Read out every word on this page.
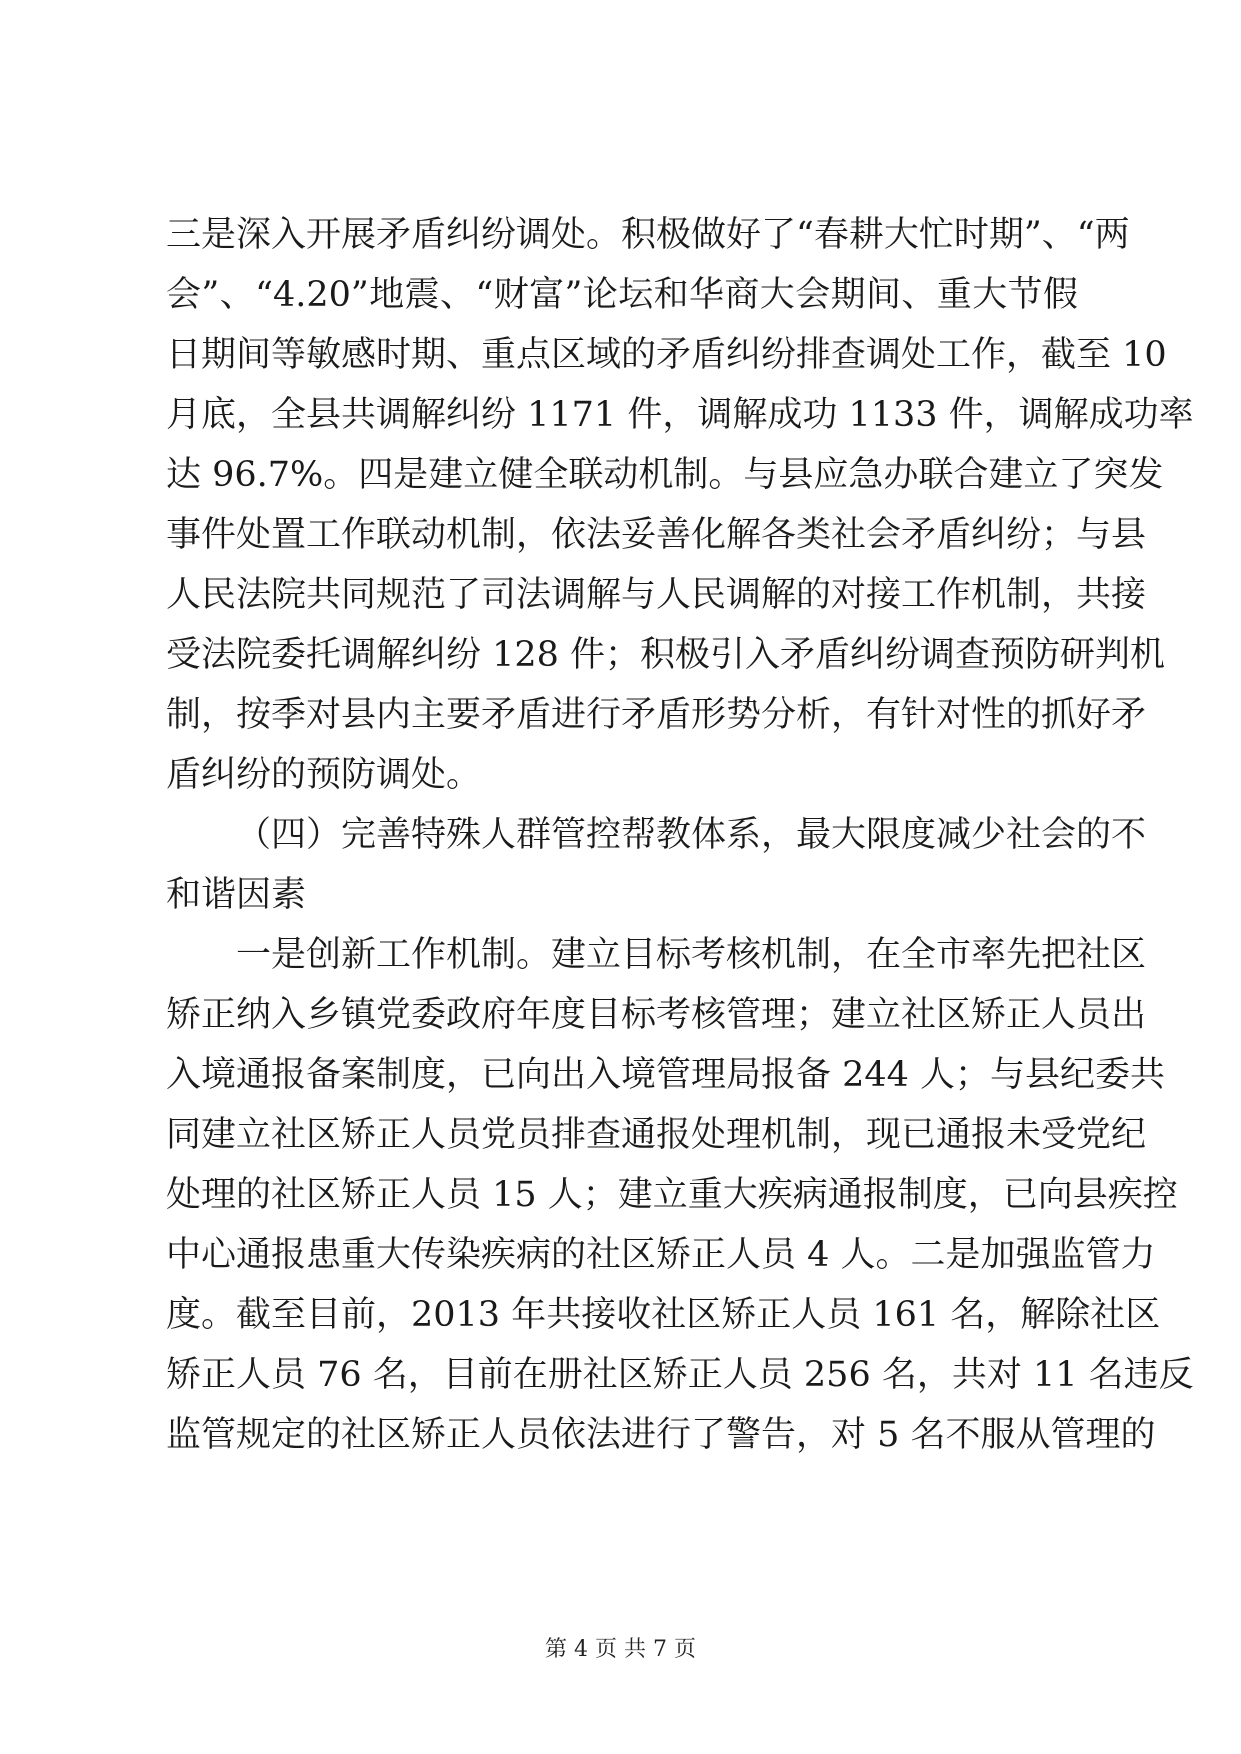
三是深入开展矛盾纠纷调处。积极做好了“春耕大忙时期”、“两
会”、“4.20”地震、“财富”论坛和华商大会期间、重大节假
日期间等敏感时期、重点区域的矛盾纠纷排查调处工作，截至 10
月底，全县共调解纠纷 1171 件，调解成功 1133 件，调解成功率
达 96.7%。四是建立健全联动机制。与县应急办联合建立了突发
事件处置工作联动机制，依法妥善化解各类社会矛盾纠纷；与县
人民法院共同规范了司法调解与人民调解的对接工作机制，共接
受法院委托调解纠纷 128 件；积极引入矛盾纠纷调查预防研判机
制，按季对县内主要矛盾进行矛盾形势分析，有针对性的抓好矛
盾纠纷的预防调处。
（四）完善特殊人群管控帮教体系，最大限度减少社会的不
和谐因素
一是创新工作机制。建立目标考核机制，在全市率先把社区
矫正纳入乡镇党委政府年度目标考核管理；建立社区矫正人员出
入境通报备案制度，已向出入境管理局报备 244 人；与县纪委共
同建立社区矫正人员党员排查通报处理机制，现已通报未受党纪
处理的社区矫正人员 15 人；建立重大疾病通报制度，已向县疾控
中心通报患重大传染疾病的社区矫正人员 4 人。二是加强监管力
度。截至目前，2013 年共接收社区矫正人员 161 名，解除社区
矫正人员 76 名，目前在册社区矫正人员 256 名，共对 11 名违反
监管规定的社区矫正人员依法进行了警告，对 5 名不服从管理的
第 4 页 共 7 页
